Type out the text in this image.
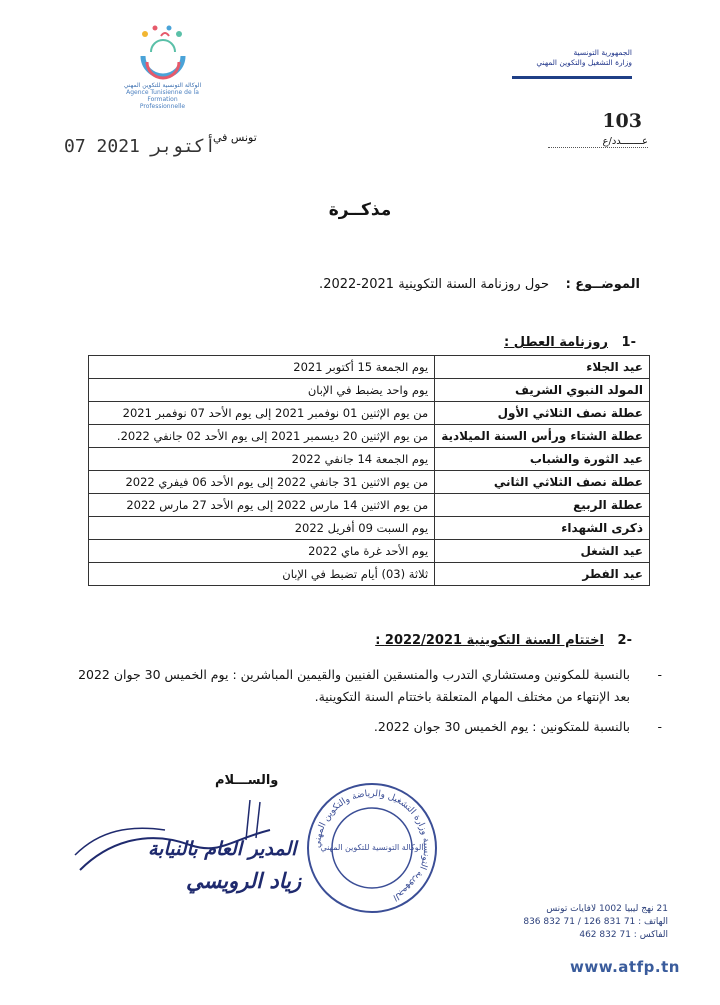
الوكالة التونسية للتكوين المهني
Agence Tunisienne de la Formation
Professionnelle
الجمهورية التونسية
وزارة التشغيل والتكوين المهني
103
عـــــــدد/ع
تونس في
07 أكتوبر 2021
مذكــرة
الموضــوع :    حول روزنامة السنة التكوينية 2021-2022.
-1   روزنامة العطل :
عيد الجلاء	يوم الجمعة 15 أكتوبر 2021
المولد النبوي الشريف	يوم واحد يضبط في الإبان
عطلة نصف الثلاثي الأول	من يوم الإثنين 01 نوفمبر 2021 إلى يوم الأحد 07 نوفمبر 2021
عطلة الشتاء ورأس السنة الميلادية	من يوم الإثنين 20 ديسمبر 2021 إلى يوم الأحد 02 جانفي 2022.
عيد الثورة والشباب	يوم الجمعة 14 جانفي 2022
عطلة نصف الثلاثي الثاني	من يوم الاثنين 31 جانفي 2022 إلى يوم الأحد 06 فيفري 2022
عطلة الربيع	من يوم الاثنين 14 مارس 2022 إلى يوم الأحد 27 مارس 2022
ذكرى الشهداء	يوم السبت 09 أفريل 2022
عيد الشغل	يوم الأحد غرة ماي 2022
عيد الفطر	ثلاثة (03) أيام تضبط في الإبان
-2   اختتام السنة التكوينية 2022/2021 :
-
بالنسبة للمكونين ومستشاري التدرب والمنسقين الفنيين والقيمين المباشرين : يوم الخميس 30 جوان 2022 بعد الإنتهاء من مختلف المهام المتعلقة باختتام السنة التكوينية.
-
بالنسبة للمتكونين : يوم الخميس 30 جوان 2022.
والســـلام
المدير العام بالنيابة
زياد الرويسي
الجمهورية التونسية وزارة التشغيل والرياضة والتكوين المهني
الوكالة التونسية للتكوين المهني
21 نهج ليبيا 1002 لافايات تونس
الهاتف : 71 831 126 / 71 832 836
الفاكس : 71 832 462
www.atfp.tn
